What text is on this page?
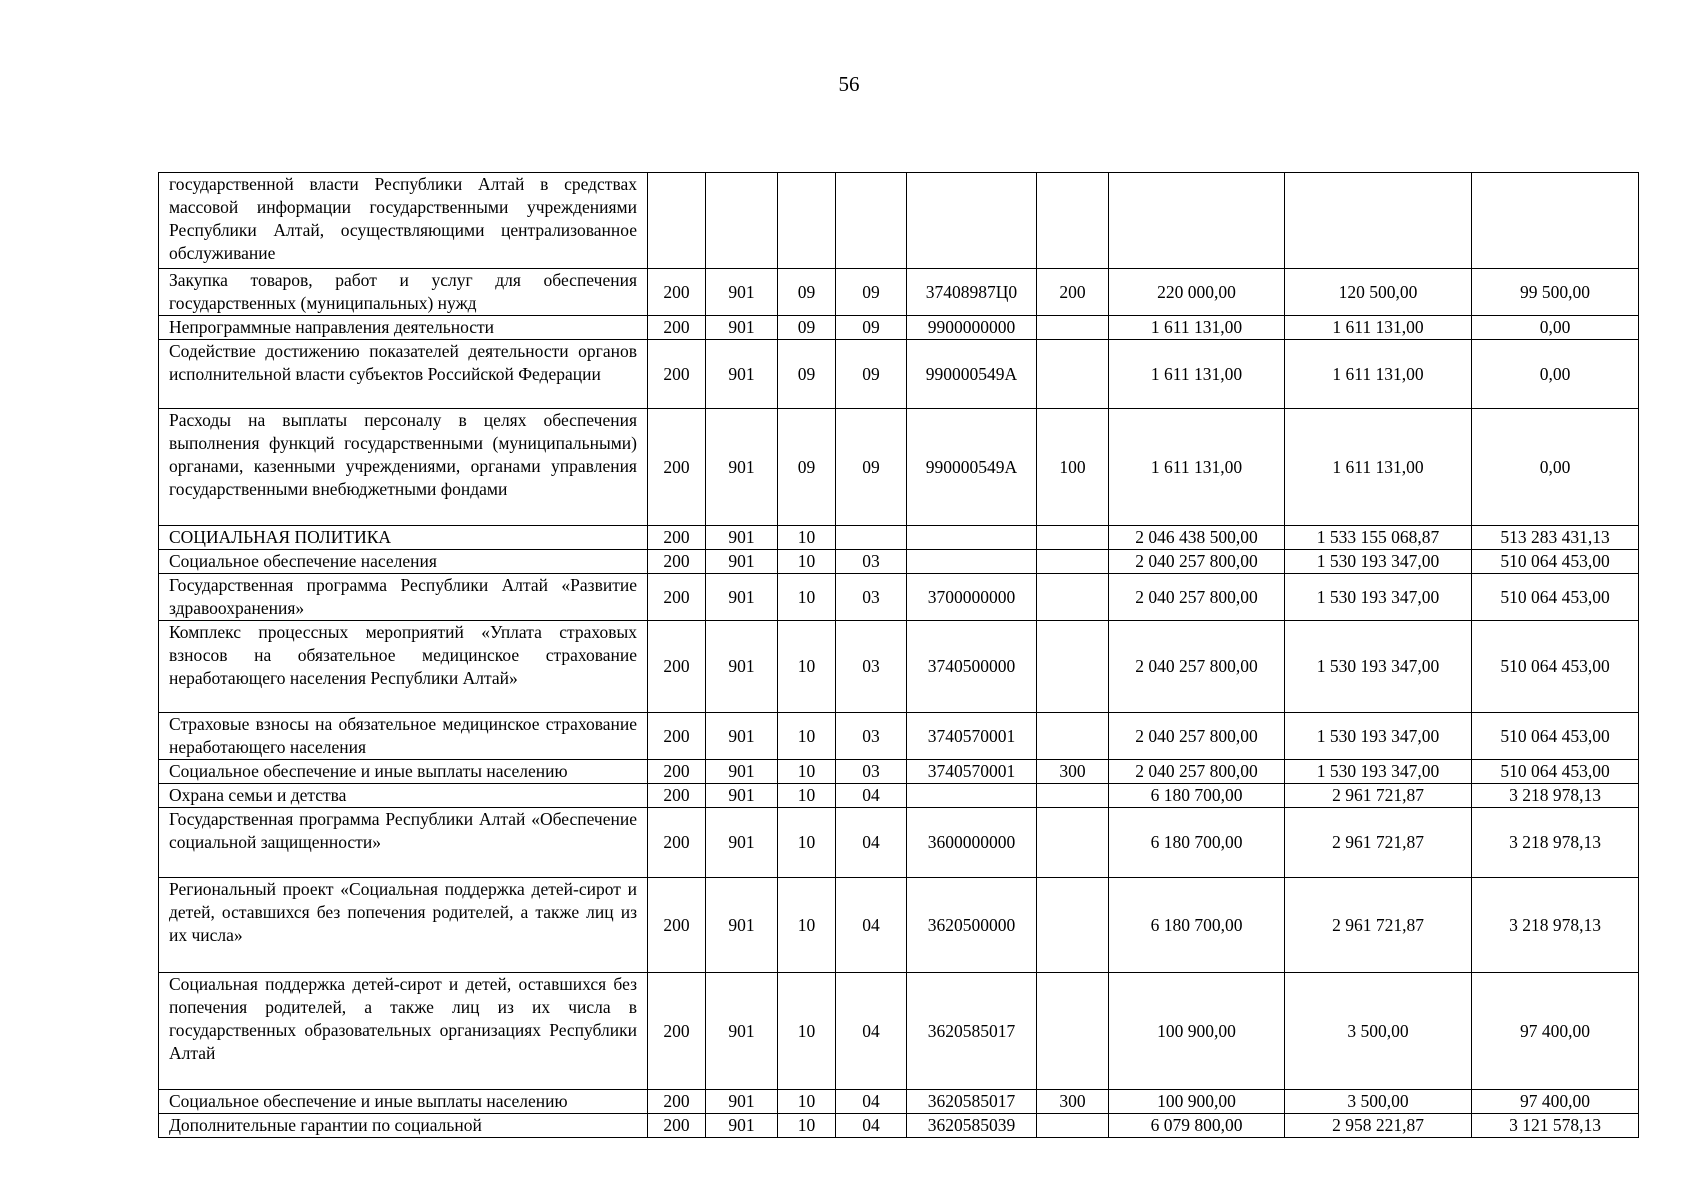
56
государственной власти Республики Алтай в средствах массовой информации государственными учреждениями Республики Алтай, осуществляющими централизованное обслуживание									
Закупка товаров, работ и услуг для обеспечения государственных (муниципальных) нужд	200	901	09	09	37408987Ц0	200	220 000,00	120 500,00	99 500,00
Непрограммные направления деятельности	200	901	09	09	9900000000		1 611 131,00	1 611 131,00	0,00
Содействие достижению показателей деятельности органов исполнительной власти субъектов Российской Федерации	200	901	09	09	990000549А		1 611 131,00	1 611 131,00	0,00
Расходы на выплаты персоналу в целях обеспечения выполнения функций государственными (муниципальными) органами, казенными учреждениями, органами управления государственными внебюджетными фондами	200	901	09	09	990000549А	100	1 611 131,00	1 611 131,00	0,00
СОЦИАЛЬНАЯ ПОЛИТИКА	200	901	10				2 046 438 500,00	1 533 155 068,87	513 283 431,13
Социальное обеспечение населения	200	901	10	03			2 040 257 800,00	1 530 193 347,00	510 064 453,00
Государственная программа Республики Алтай «Развитие здравоохранения»	200	901	10	03	3700000000		2 040 257 800,00	1 530 193 347,00	510 064 453,00
Комплекс процессных мероприятий «Уплата страховых взносов на обязательное медицинское страхование неработающего населения Республики Алтай»	200	901	10	03	3740500000		2 040 257 800,00	1 530 193 347,00	510 064 453,00
Страховые взносы на обязательное медицинское страхование неработающего населения	200	901	10	03	3740570001		2 040 257 800,00	1 530 193 347,00	510 064 453,00
Социальное обеспечение и иные выплаты населению	200	901	10	03	3740570001	300	2 040 257 800,00	1 530 193 347,00	510 064 453,00
Охрана семьи и детства	200	901	10	04			6 180 700,00	2 961 721,87	3 218 978,13
Государственная программа Республики Алтай «Обеспечение социальной защищенности»	200	901	10	04	3600000000		6 180 700,00	2 961 721,87	3 218 978,13
Региональный проект «Социальная поддержка детей-сирот и детей, оставшихся без попечения родителей, а также лиц из их числа»	200	901	10	04	3620500000		6 180 700,00	2 961 721,87	3 218 978,13
Социальная поддержка детей-сирот и детей, оставшихся без попечения родителей, а также лиц из их числа в государственных образовательных организациях Республики Алтай	200	901	10	04	3620585017		100 900,00	3 500,00	97 400,00
Социальное обеспечение и иные выплаты населению	200	901	10	04	3620585017	300	100 900,00	3 500,00	97 400,00
Дополнительные гарантии по социальной	200	901	10	04	3620585039		6 079 800,00	2 958 221,87	3 121 578,13
